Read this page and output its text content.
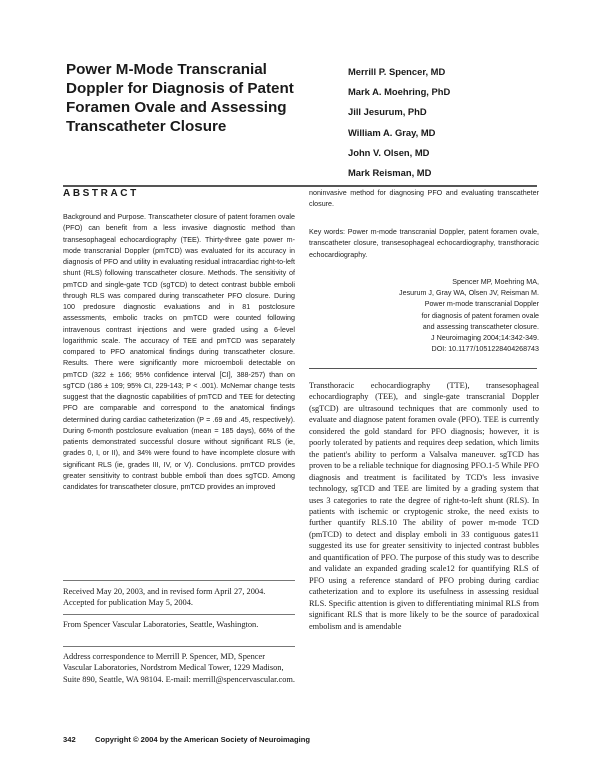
Power M-Mode Transcranial Doppler for Diagnosis of Patent Foramen Ovale and Assessing Transcatheter Closure
Merrill P. Spencer, MD
Mark A. Moehring, PhD
Jill Jesurum, PhD
William A. Gray, MD
John V. Olsen, MD
Mark Reisman, MD
ABSTRACT

Background and Purpose. Transcatheter closure of patent foramen ovale (PFO) can benefit from a less invasive diagnostic method than transesophageal echocardiography (TEE). Thirty-three gate power m-mode transcranial Doppler (pmTCD) was evaluated for its accuracy in diagnosis of PFO and utility in evaluating residual intracardiac right-to-left shunt (RLS) following transcatheter closure. Methods. The sensitivity of pmTCD and single-gate TCD (sgTCD) to detect contrast bubble emboli through RLS was compared during transcatheter PFO closure. During 100 predosure diagnostic evaluations and in 81 postclosure assessments, embolic tracks on pmTCD were counted following intravenous contrast injections and were graded using a 6-level logarithmic scale. The accuracy of TEE and pmTCD was separately compared to PFO anatomical findings during transcatheter closure. Results. There were significantly more microemboli detectable on pmTCD (322 ± 166; 95% confidence interval [CI], 388-257) than on sgTCD (186 ± 109; 95% CI, 229-143; P < .001). McNemar change tests suggest that the diagnostic capabilities of pmTCD and TEE for detecting PFO are comparable and correspond to the anatomical findings determined during cardiac catheterization (P = .69 and .45, respectively). During 6-month postclosure evaluation (mean = 185 days), 66% of the patients demonstrated successful closure without significant RLS (ie, grades 0, I, or II), and 34% were found to have incomplete closure with significant RLS (ie, grades III, IV, or V). Conclusions. pmTCD provides greater sensitivity to contrast bubble emboli than does sgTCD. Among candidates for transcatheter closure, pmTCD provides an improved

noninvasive method for diagnosing PFO and evaluating transcatheter closure.

Key words: Power m-mode transcranial Doppler, patent foramen ovale, transcatheter closure, transesophageal echocardiography, transthoracic echocardiography.

Spencer MP, Moehring MA,
Jesurum J, Gray WA, Olsen JV, Reisman M.
Power m-mode transcranial Doppler
for diagnosis of patent foramen ovale
and assessing transcatheter closure.
J Neuroimaging 2004;14:342-349.
DOI: 10.1177/1051228404268743

Transthoracic echocardiography (TTE), transesophageal echocardiography (TEE), and single-gate transcranial Doppler (sgTCD) are ultrasound techniques that are commonly used to evaluate and diagnose patent foramen ovale (PFO). TEE is currently considered the gold standard for PFO diagnosis; however, it is poorly tolerated by patients and requires deep sedation, which limits the patient's ability to perform a Valsalva maneuver. sgTCD has proven to be a reliable technique for diagnosing PFO.1-5 While PFO diagnosis and treatment is facilitated by TCD's less invasive technology, sgTCD and TEE are limited by a grading system that uses 3 categories to rate the degree of right-to-left shunt (RLS). In patients with ischemic or cryptogenic stroke, the need exists to further quantify RLS.10 The ability of power m-mode TCD (pmTCD) to detect and display emboli in 33 contiguous gates11 suggested its use for greater sensitivity to injected contrast bubbles and quantification of PFO. The purpose of this study was to describe and validate an expanded grading scale12 for quantifying RLS of PFO using a reference standard of PFO probing during cardiac catheterization and to explore its usefulness in assessing residual RLS. Specific attention is given to differentiating minimal RLS from significant RLS that is more likely to be the source of paradoxical embolism and is amendable

Received May 20, 2003, and in revised form April 27, 2004. Accepted for publication May 5, 2004.

From Spencer Vascular Laboratories, Seattle, Washington.

Address correspondence to Merrill P. Spencer, MD, Spencer Vascular Laboratories, Nordstrom Medical Tower, 1229 Madison, Suite 890, Seattle, WA 98104. E-mail: merrill@spencervascular.com.

342	Copyright © 2004 by the American Society of Neuroimaging
